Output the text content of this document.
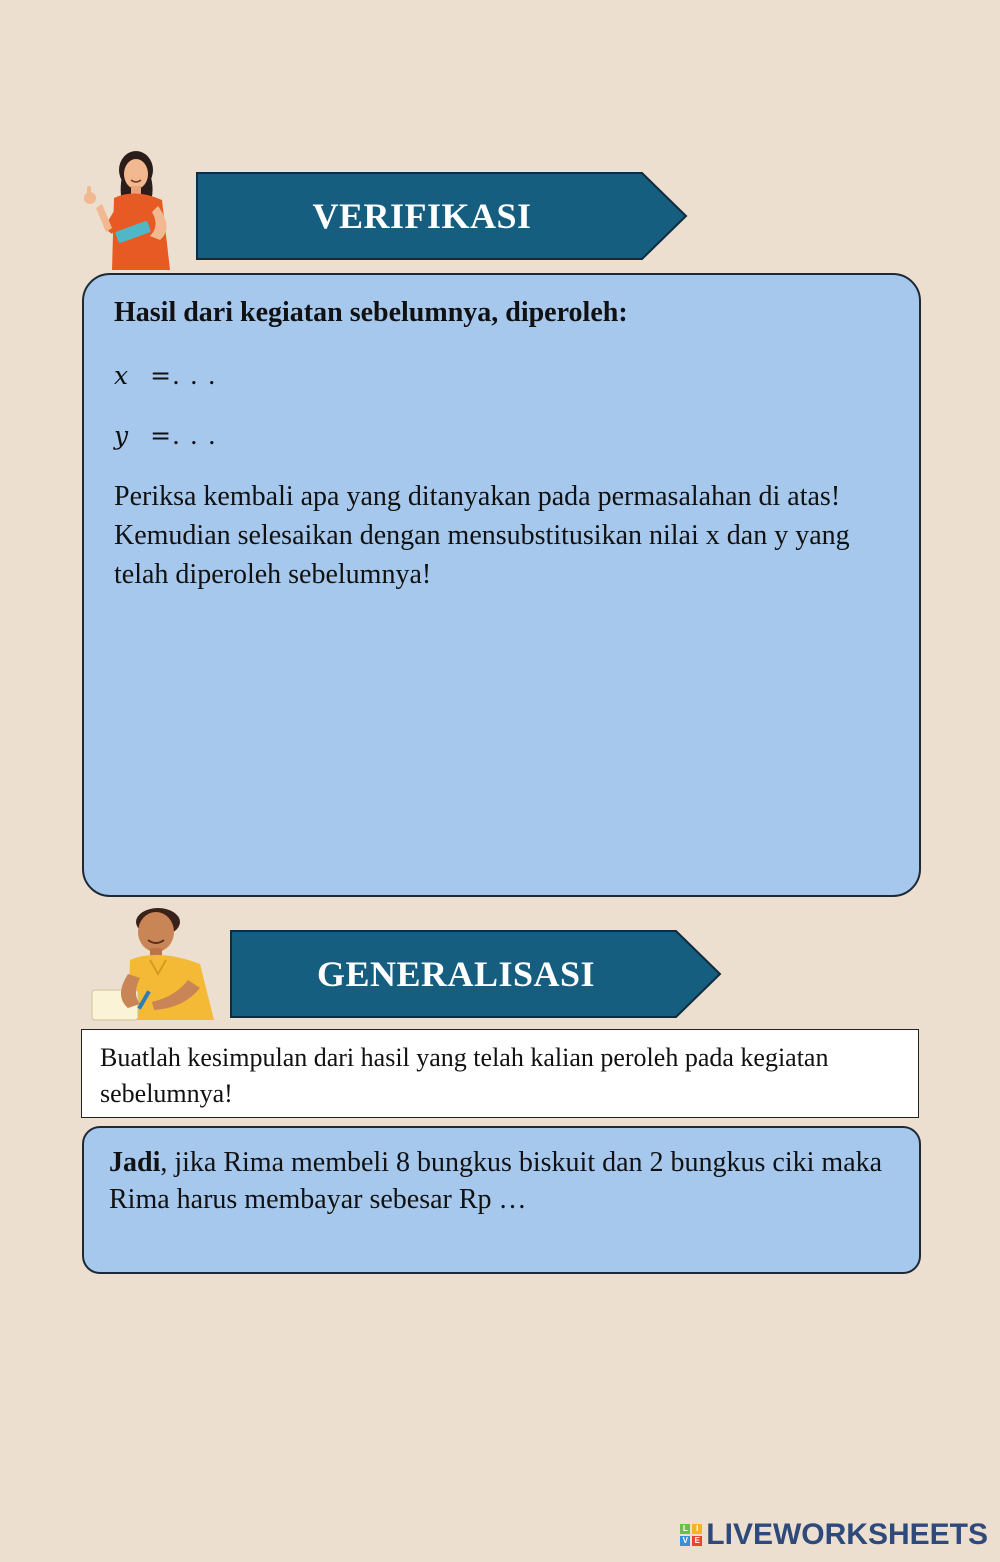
VERIFIKASI
Hasil dari kegiatan sebelumnya, diperoleh:
x =. . .
y =. . .
Periksa kembali apa yang ditanyakan pada permasalahan di atas! Kemudian selesaikan dengan mensubstitusikan nilai x dan y yang telah diperoleh sebelumnya!
GENERALISASI
Buatlah kesimpulan dari hasil yang telah kalian peroleh pada kegiatan sebelumnya!
Jadi, jika Rima membeli 8 bungkus biskuit dan 2 bungkus ciki maka Rima harus membayar sebesar Rp …
L	I
V E LIVEWORKSHEETS
